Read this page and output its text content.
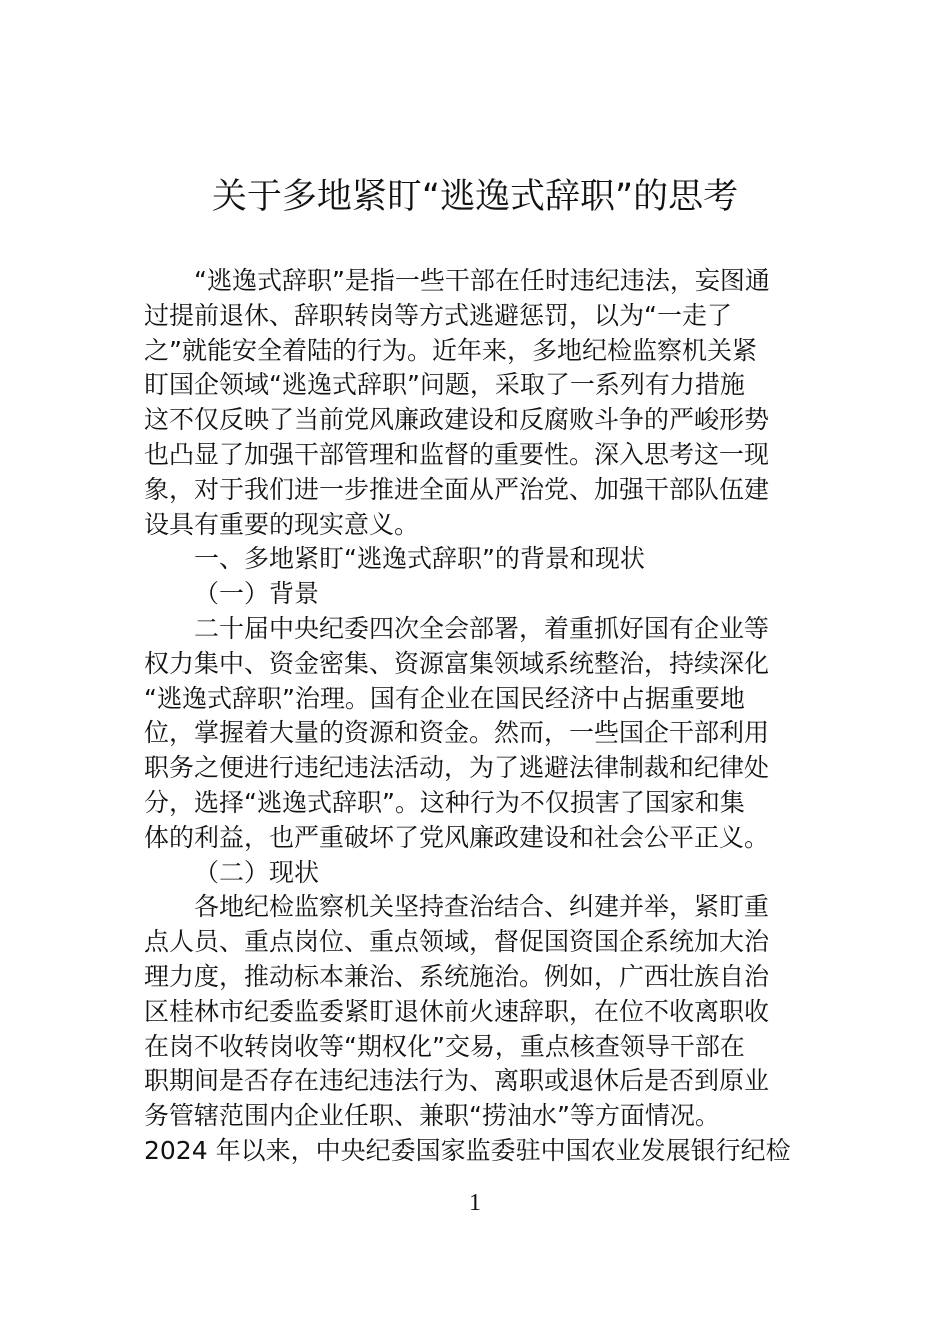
关于多地紧盯“逃逸式辞职”的思考
“逃逸式辞职”是指一些干部在任时违纪违法，妄图通
过提前退休、辞职转岗等方式逃避惩罚，以为“一走了
之”就能安全着陆的行为。近年来，多地纪检监察机关紧
盯国企领域“逃逸式辞职”问题，采取了一系列有力措施
这不仅反映了当前党风廉政建设和反腐败斗争的严峻形势
也凸显了加强干部管理和监督的重要性。深入思考这一现
象，对于我们进一步推进全面从严治党、加强干部队伍建
设具有重要的现实意义。
一、多地紧盯“逃逸式辞职”的背景和现状
（一）背景
二十届中央纪委四次全会部署，着重抓好国有企业等
权力集中、资金密集、资源富集领域系统整治，持续深化
“逃逸式辞职”治理。国有企业在国民经济中占据重要地
位，掌握着大量的资源和资金。然而，一些国企干部利用
职务之便进行违纪违法活动，为了逃避法律制裁和纪律处
分，选择“逃逸式辞职”。这种行为不仅损害了国家和集
体的利益，也严重破坏了党风廉政建设和社会公平正义。
（二）现状
各地纪检监察机关坚持查治结合、纠建并举，紧盯重
点人员、重点岗位、重点领域，督促国资国企系统加大治
理力度，推动标本兼治、系统施治。例如，广西壮族自治
区桂林市纪委监委紧盯退休前火速辞职，在位不收离职收
在岗不收转岗收等“期权化”交易，重点核查领导干部在
职期间是否存在违纪违法行为、离职或退休后是否到原业
务管辖范围内企业任职、兼职“捞油水”等方面情况。
2024 年以来，中央纪委国家监委驻中国农业发展银行纪检
1
